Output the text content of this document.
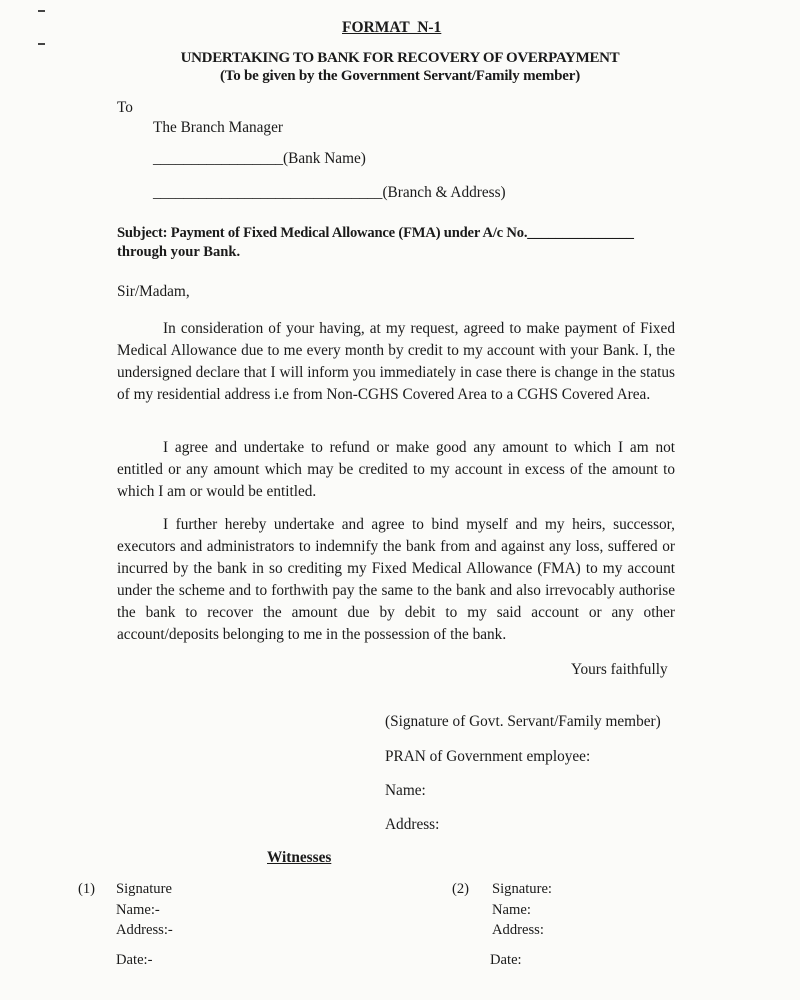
FORMAT  N-1
UNDERTAKING TO BANK FOR RECOVERY OF OVERPAYMENT
(To be given by the Government Servant/Family member)
To
The Branch Manager
_________________(Bank Name)
______________________________(Branch & Address)
Subject: Payment of Fixed Medical Allowance (FMA) under A/c No._______________
through your Bank.
Sir/Madam,
In consideration of your having, at my request, agreed to make payment of Fixed Medical Allowance due to me every month by credit to my account with your Bank. I, the undersigned declare that I will inform you immediately in case there is change in the status of my residential address i.e from Non-CGHS Covered Area to a CGHS Covered Area.
I agree and undertake to refund or make good any amount to which I am not entitled or any amount which may be credited to my account in excess of the amount to which I am or would be entitled.
I further hereby undertake and agree to bind myself and my heirs, successor, executors and administrators to indemnify the bank from and against any loss, suffered or incurred by the bank in so crediting my Fixed Medical Allowance (FMA) to my account under the scheme and to forthwith pay the same to the bank and also irrevocably authorise the bank to recover the amount due by debit to my said account or any other account/deposits belonging to me in the possession of the bank.
Yours faithfully
(Signature of Govt. Servant/Family member)
PRAN of Government employee:
Name:
Address:
Witnesses
(1) Signature
Name:-
Address:-
Date:-
(2) Signature:
Name:
Address:
Date:
